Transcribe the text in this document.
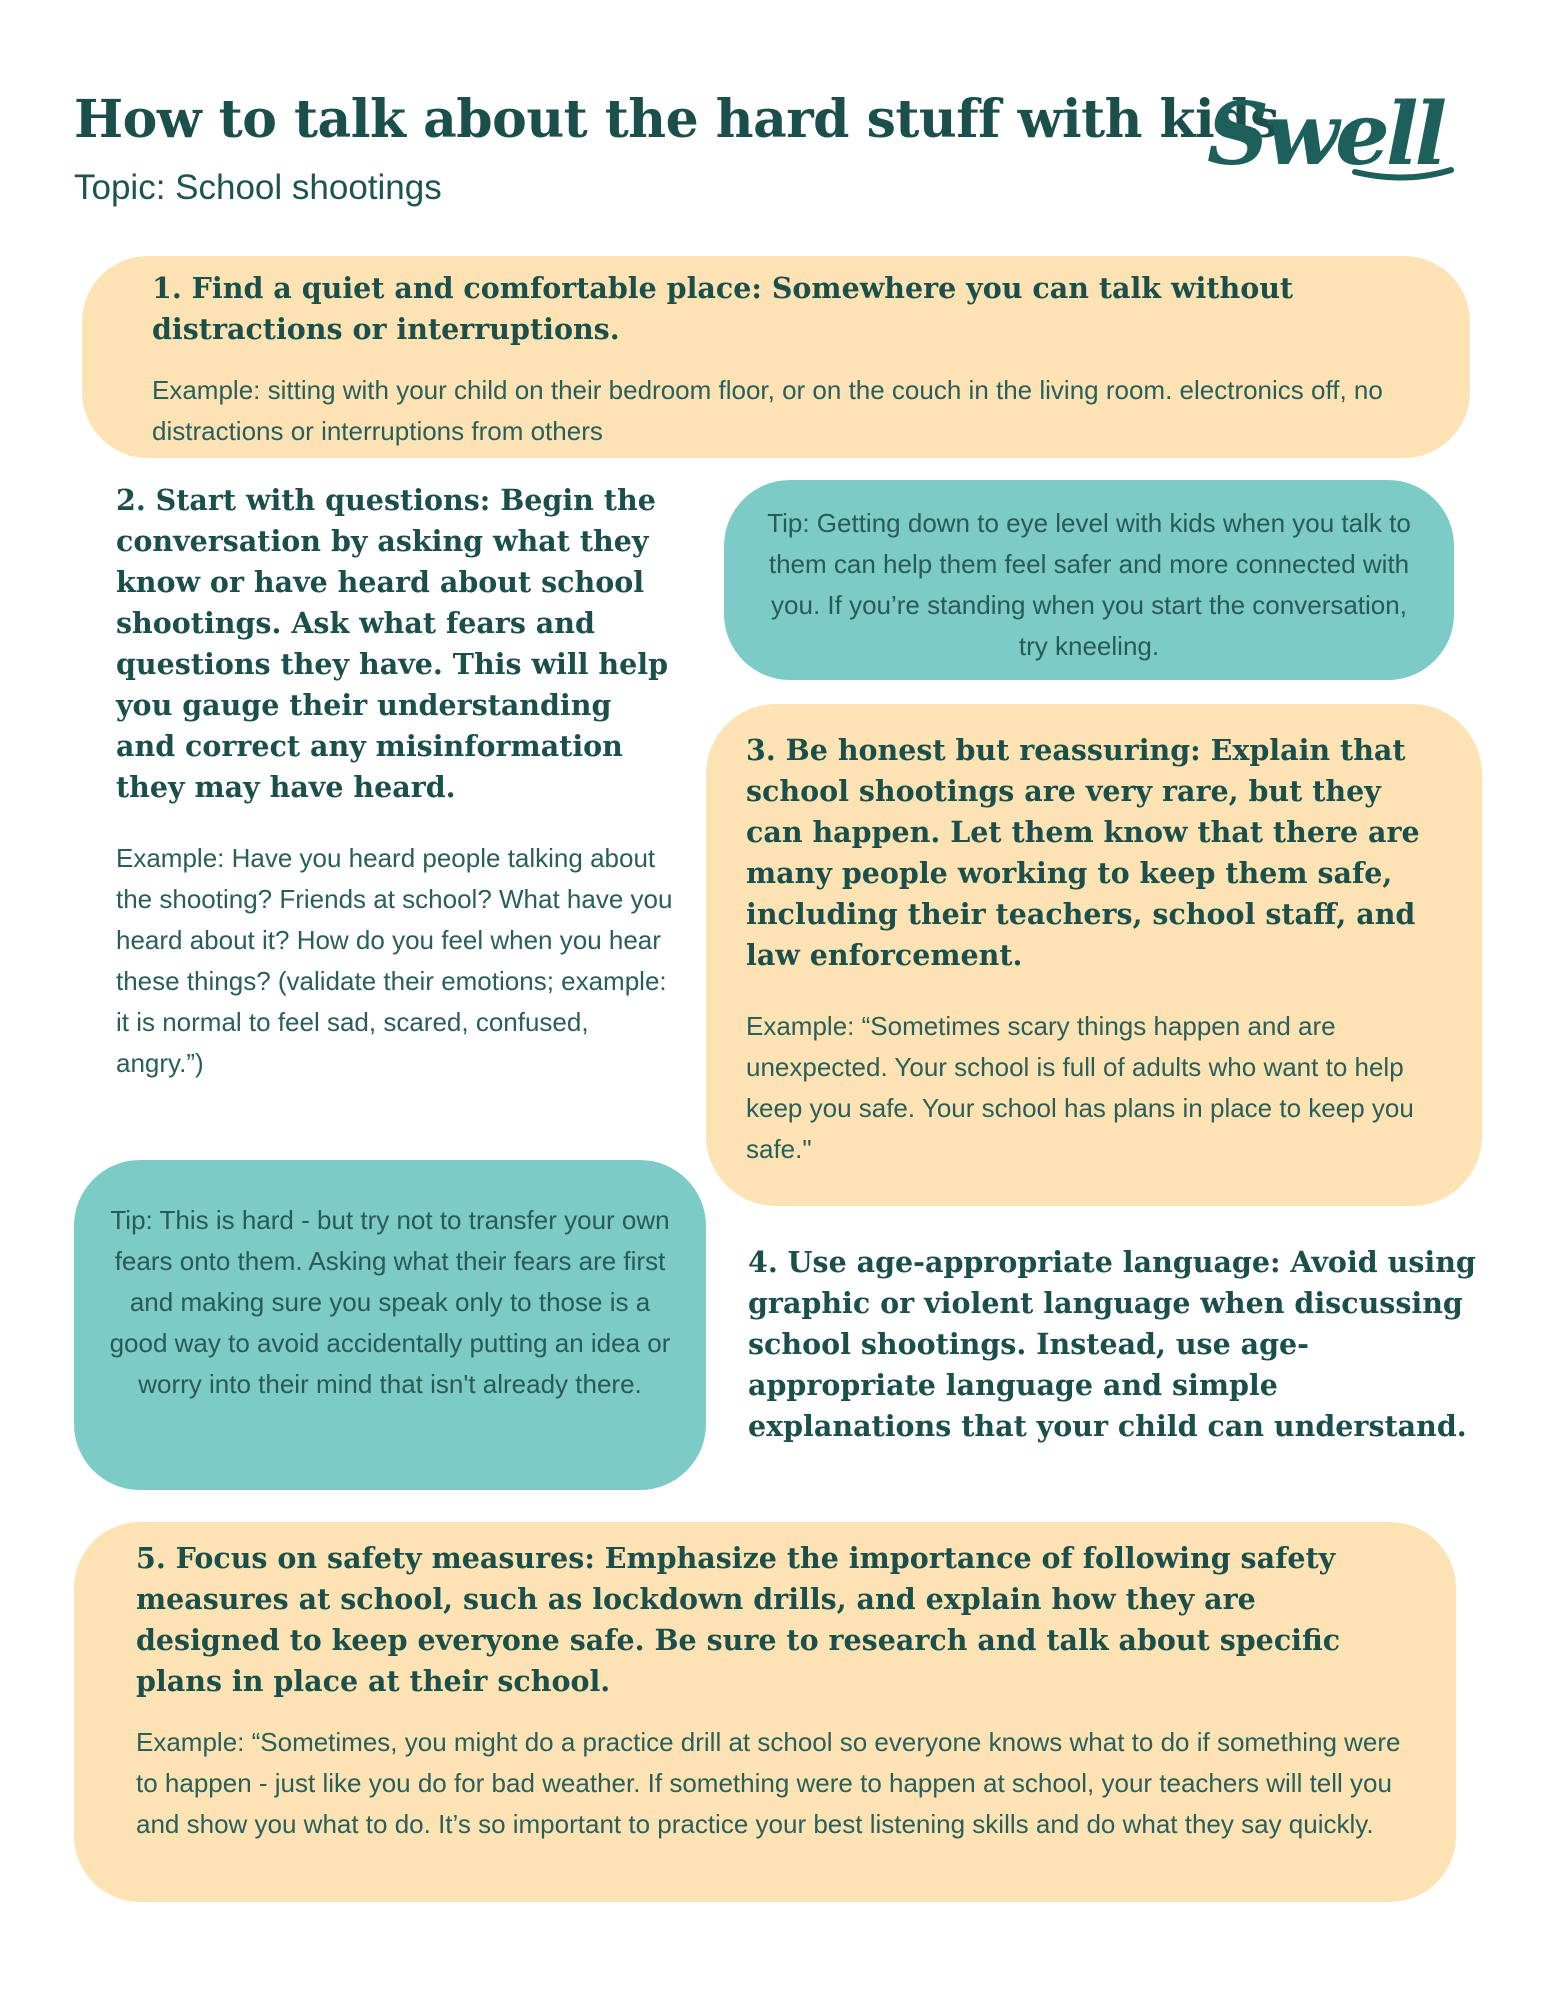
How to talk about the hard stuff with kids
Topic: School shootings
Swell

1. Find a quiet and comfortable place: Somewhere you can talk without distractions or interruptions.

Example: sitting with your child on their bedroom floor, or on the couch in the living room. electronics off, no distractions or interruptions from others

2. Start with questions: Begin the conversation by asking what they know or have heard about school shootings. Ask what fears and questions they have. This will help you gauge their understanding and correct any misinformation they may have heard.

Example: Have you heard people talking about the shooting? Friends at school? What have you heard about it? How do you feel when you hear these things? (validate their emotions; example: it is normal to feel sad, scared, confused, angry.”)

Tip: Getting down to eye level with kids when you talk to them can help them feel safer and more connected with you. If you’re standing when you start the conversation, try kneeling.

3. Be honest but reassuring: Explain that school shootings are very rare, but they can happen. Let them know that there are many people working to keep them safe, including their teachers, school staff, and law enforcement.

Example: “Sometimes scary things happen and are unexpected. Your school is full of adults who want to help keep you safe. Your school has plans in place to keep you safe."

Tip: This is hard - but try not to transfer your own fears onto them. Asking what their fears are first and making sure you speak only to those is a good way to avoid accidentally putting an idea or worry into their mind that isn't already there.

4. Use age-appropriate language: Avoid using graphic or violent language when discussing school shootings. Instead, use age-appropriate language and simple explanations that your child can understand.

5. Focus on safety measures: Emphasize the importance of following safety measures at school, such as lockdown drills, and explain how they are designed to keep everyone safe. Be sure to research and talk about specific plans in place at their school.

Example: “Sometimes, you might do a practice drill at school so everyone knows what to do if something were to happen - just like you do for bad weather. If something were to happen at school, your teachers will tell you and show you what to do. It’s so important to practice your best listening skills and do what they say quickly.
